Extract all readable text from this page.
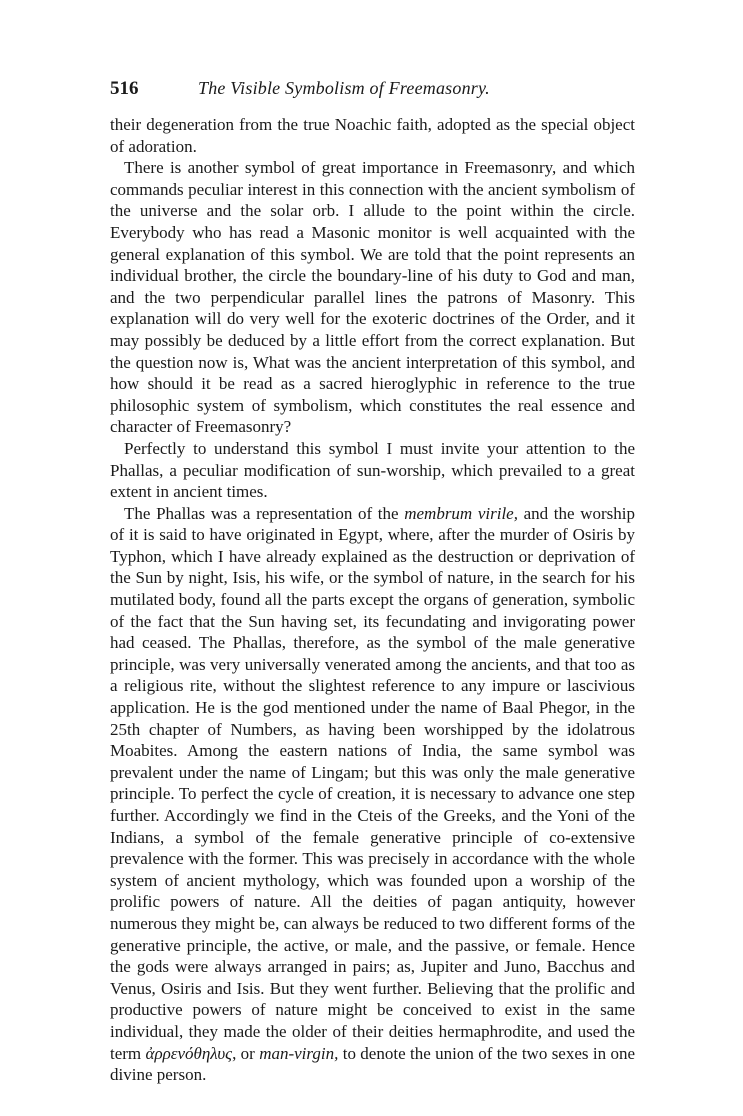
516	The Visible Symbolism of Freemasonry.

their degeneration from the true Noachic faith, adopted as the special object of adoration.

There is another symbol of great importance in Freemasonry, and which commands peculiar interest in this connection with the ancient symbolism of the universe and the solar orb. I allude to the point within the circle. Everybody who has read a Masonic monitor is well acquainted with the general explanation of this symbol. We are told that the point represents an individual brother, the circle the boundary-line of his duty to God and man, and the two perpendicular parallel lines the patrons of Masonry. This explanation will do very well for the exoteric doctrines of the Order, and it may possibly be deduced by a little effort from the correct explanation. But the question now is, What was the ancient interpretation of this symbol, and how should it be read as a sacred hieroglyphic in reference to the true philosophic system of symbolism, which constitutes the real essence and character of Freemasonry?

Perfectly to understand this symbol I must invite your attention to the Phallas, a peculiar modification of sun-worship, which prevailed to a great extent in ancient times.

The Phallas was a representation of the membrum virile, and the worship of it is said to have originated in Egypt, where, after the murder of Osiris by Typhon, which I have already explained as the destruction or deprivation of the Sun by night, Isis, his wife, or the symbol of nature, in the search for his mutilated body, found all the parts except the organs of generation, symbolic of the fact that the Sun having set, its fecundating and invigorating power had ceased. The Phallas, therefore, as the symbol of the male generative principle, was very universally venerated among the ancients, and that too as a religious rite, without the slightest reference to any impure or lascivious application. He is the god mentioned under the name of Baal Phegor, in the 25th chapter of Numbers, as having been worshipped by the idolatrous Moabites. Among the eastern nations of India, the same symbol was prevalent under the name of Lingam; but this was only the male generative principle. To perfect the cycle of creation, it is necessary to advance one step further. Accordingly we find in the Cteis of the Greeks, and the Yoni of the Indians, a symbol of the female generative principle of co-extensive prevalence with the former. This was precisely in accordance with the whole system of ancient mythology, which was founded upon a worship of the prolific powers of nature. All the deities of pagan antiquity, however numerous they might be, can always be reduced to two different forms of the generative principle, the active, or male, and the passive, or female. Hence the gods were always arranged in pairs; as, Jupiter and Juno, Bacchus and Venus, Osiris and Isis. But they went further. Believing that the prolific and productive powers of nature might be conceived to exist in the same individual, they made the older of their deities hermaphrodite, and used the term ἀρρενόθηλυς, or man-virgin, to denote the union of the two sexes in one divine person.
